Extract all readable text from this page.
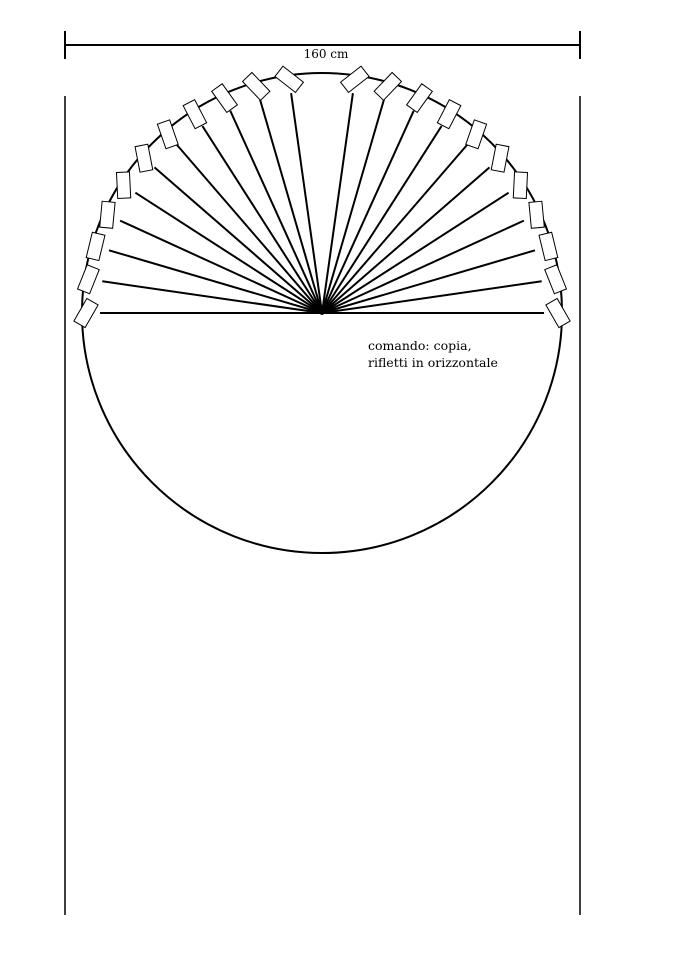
160 cm
comando: copia,
rifletti in orizzontale
